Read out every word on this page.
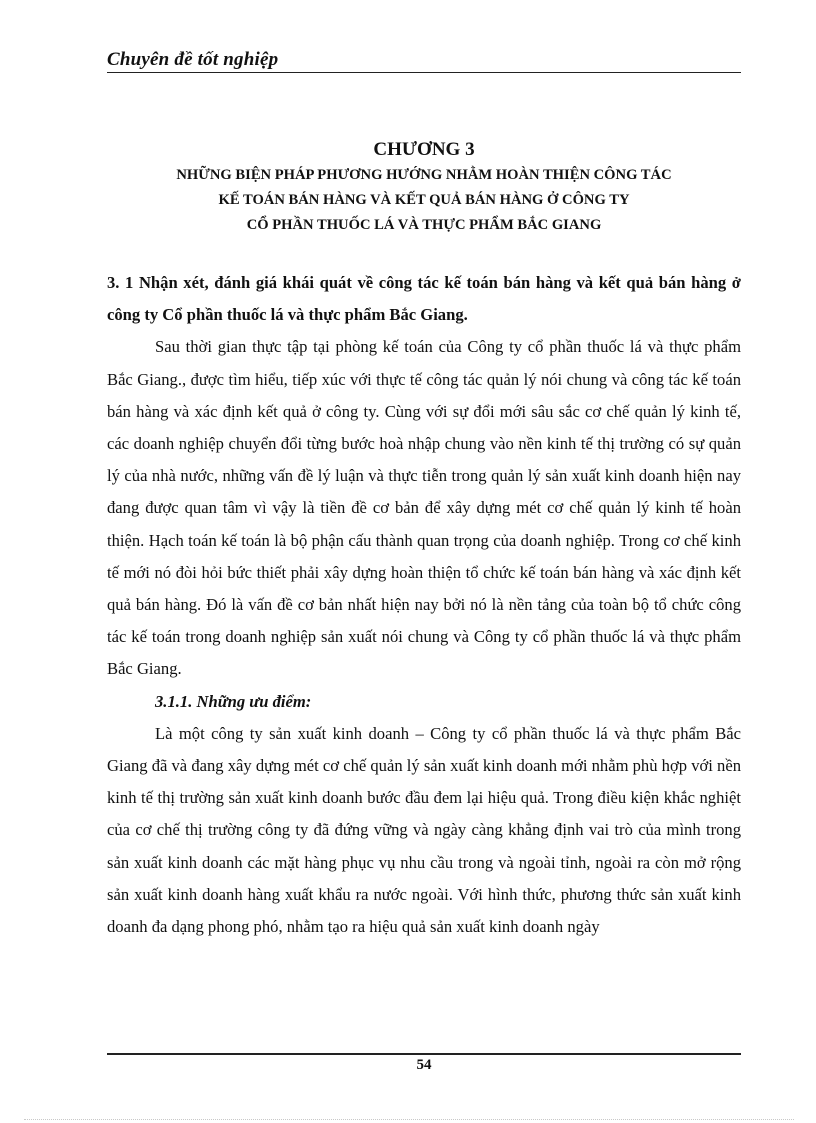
Chuyên đề tốt nghiệp

CHƯƠNG 3

NHỮNG BIỆN PHÁP PHƯƠNG HƯỚNG NHẰM HOÀN THIỆN CÔNG TÁC

KẾ TOÁN BÁN HÀNG VÀ KẾT QUẢ BÁN HÀNG Ở CÔNG TY

CỔ PHẦN THUỐC LÁ VÀ THỰC PHẨM BẮC GIANG

3. 1 Nhận xét, đánh giá khái quát về công tác kế toán bán hàng và kết quả bán hàng ở công ty Cổ phần thuốc lá và thực phẩm Bắc Giang.

Sau thời gian thực tập tại phòng kế toán của Công ty cổ phần thuốc lá và thực phẩm Bắc Giang., được tìm hiểu, tiếp xúc với thực tế công tác quản lý nói chung và công tác kế toán bán hàng và xác định kết quả ở công ty. Cùng với sự đổi mới sâu sắc cơ chế quản lý kinh tế, các doanh nghiệp chuyển đổi từng bước hoà nhập chung vào nền kinh tế thị trường có sự quản lý của nhà nước, những vấn đề lý luận và thực tiễn trong quản lý sản xuất kinh doanh hiện nay đang được quan tâm vì vậy là tiền đề cơ bản để xây dựng mét cơ chế quản lý kinh tế hoàn thiện. Hạch toán kế toán là bộ phận cấu thành quan trọng của doanh nghiệp. Trong cơ chế kinh tế mới nó đòi hỏi bức thiết phải xây dựng hoàn thiện tổ chức kế toán bán hàng và xác định kết quả bán hàng. Đó là vấn đề cơ bản nhất hiện nay bởi nó là nền tảng của toàn bộ tổ chức công tác kế toán trong doanh nghiệp sản xuất nói chung và Công ty cổ phần thuốc lá và thực phẩm Bắc Giang.

3.1.1. Những ưu điểm:

Là một công ty sản xuất kinh doanh – Công ty cổ phần thuốc lá và thực phẩm Bắc Giang đã và đang xây dựng mét cơ chế quản lý sản xuất kinh doanh mới nhằm phù hợp với nền kinh tế thị trường sản xuất kinh doanh bước đầu đem lại hiệu quả. Trong điều kiện khắc nghiệt của cơ chế thị trường công ty đã đứng vững và ngày càng khẳng định vai trò của mình trong sản xuất kinh doanh các mặt hàng phục vụ nhu cầu trong và ngoài tỉnh, ngoài ra còn mở rộng sản xuất kinh doanh hàng xuất khẩu ra nước ngoài. Với hình thức, phương thức sản xuất kinh doanh đa dạng phong phó, nhằm tạo ra hiệu quả sản xuất kinh doanh ngày

54
